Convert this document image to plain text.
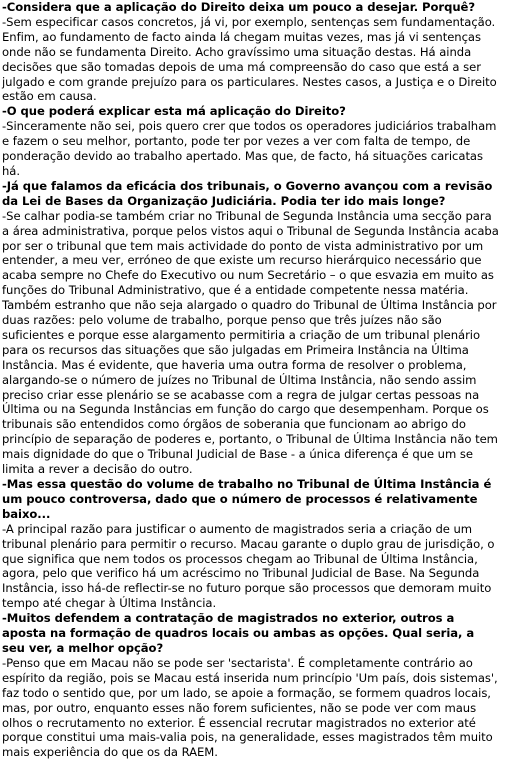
-Considera que a aplicação do Direito deixa um pouco a desejar. Porquê?

-Sem especificar casos concretos, já vi, por exemplo, sentenças sem fundamentação. Enfim, ao fundamento de facto ainda lá chegam muitas vezes, mas já vi sentenças onde não se fundamenta Direito. Acho gravíssimo uma situação destas. Há ainda decisões que são tomadas depois de uma má compreensão do caso que está a ser julgado e com grande prejuízo para os particulares. Nestes casos, a Justiça e o Direito estão em causa.

-O que poderá explicar esta má aplicação do Direito?

-Sinceramente não sei, pois quero crer que todos os operadores judiciários trabalham e fazem o seu melhor, portanto, pode ter por vezes a ver com falta de tempo, de ponderação devido ao trabalho apertado. Mas que, de facto, há situações caricatas há.

-Já que falamos da eficácia dos tribunais, o Governo avançou com a revisão da Lei de Bases da Organização Judiciária. Podia ter ido mais longe?

-Se calhar podia-se também criar no Tribunal de Segunda Instância uma secção para a área administrativa, porque pelos vistos aqui o Tribunal de Segunda Instância acaba por ser o tribunal que tem mais actividade do ponto de vista administrativo por um entender, a meu ver, erróneo de que existe um recurso hierárquico necessário que acaba sempre no Chefe do Executivo ou num Secretário – o que esvazia em muito as funções do Tribunal Administrativo, que é a entidade competente nessa matéria. Também estranho que não seja alargado o quadro do Tribunal de Última Instância por duas razões: pelo volume de trabalho, porque penso que três juízes não são suficientes e porque esse alargamento permitiria a criação de um tribunal plenário para os recursos das situações que são julgadas em Primeira Instância na Última Instância. Mas é evidente, que haveria uma outra forma de resolver o problema, alargando-se o número de juízes no Tribunal de Última Instância, não sendo assim preciso criar esse plenário se se acabasse com a regra de julgar certas pessoas na Última ou na Segunda Instâncias em função do cargo que desempenham. Porque os tribunais são entendidos como órgãos de soberania que funcionam ao abrigo do princípio de separação de poderes e, portanto, o Tribunal de Última Instância não tem mais dignidade do que o Tribunal Judicial de Base - a única diferença é que um se limita a rever a decisão do outro.

-Mas essa questão do volume de trabalho no Tribunal de Última Instância é um pouco controversa, dado que o número de processos é relativamente baixo...

-A principal razão para justificar o aumento de magistrados seria a criação de um tribunal plenário para permitir o recurso. Macau garante o duplo grau de jurisdição, o que significa que nem todos os processos chegam ao Tribunal de Última Instância, agora, pelo que verifico há um acréscimo no Tribunal Judicial de Base. Na Segunda Instância, isso há-de reflectir-se no futuro porque são processos que demoram muito tempo até chegar à Última Instância.

-Muitos defendem a contratação de magistrados no exterior, outros a aposta na formação de quadros locais ou ambas as opções. Qual seria, a seu ver, a melhor opção?

-Penso que em Macau não se pode ser 'sectarista'. É completamente contrário ao espírito da região, pois se Macau está inserida num princípio 'Um país, dois sistemas', faz todo o sentido que, por um lado, se apoie a formação, se formem quadros locais, mas, por outro, enquanto esses não forem suficientes, não se pode ver com maus olhos o recrutamento no exterior. É essencial recrutar magistrados no exterior até porque constitui uma mais-valia pois, na generalidade, esses magistrados têm muito mais experiência do que os da RAEM.
